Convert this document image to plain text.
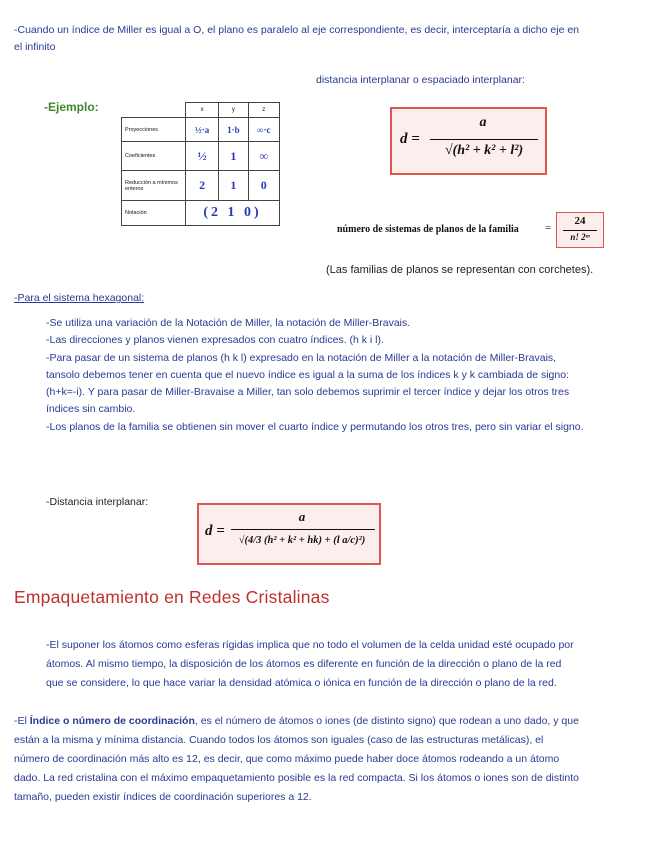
-Cuando un índice de Miller es igual a O, el plano es paralelo al eje correspondiente, es decir, interceptaría a dicho eje en
el infinito
distancia interplanar o espaciado interplanar:
-Ejemplo:
		x	y	z
Proyecciones	½·a	1·b	∞·c
Coeficientes	½	1	∞
Reducción a mínimos enteros	2	1	0
Notación	(2 1 0)		
d =
a
√(h² + k² + l²)
número de sistemas de planos de la familia =
24
n! 2ᵐ
(Las familias de planos se representan con corchetes).
-Para el sistema hexagonal:
-Se utiliza una variación de la Notación de Miller, la notación de Miller-Bravais.
-Las direcciones y planos vienen expresados con cuatro índices. (h k i l).
-Para pasar de un sistema de planos (h k l) expresado en la notación de Miller a la notación de Miller-Bravais,
tansolo debemos tener en cuenta que el nuevo índice es igual a la suma de los índices k y k cambiada de signo:
(h+k=-i). Y para pasar de Miller-Bravaise a Miller, tan solo debemos suprimir el tercer índice y dejar los otros tres
índices sin cambio.
-Los planos de la familia se obtienen sin mover el cuarto índice y permutando los otros tres, pero sin variar el signo.
-Distancia interplanar:
d =
a
√(4/3 (h² + k² + hk) + (l a/c)²)
Empaquetamiento en Redes Cristalinas
-El suponer los átomos como esferas rígidas implica que no todo el volumen de la celda unidad esté ocupado por
átomos. Al mismo tiempo, la disposición de los átomos es diferente en función de la dirección o plano de la red
que se considere, lo que hace variar la densidad atómica o iónica en función de la dirección o plano de la red.
-El Índice o número de coordinación, es el número de átomos o iones (de distinto signo) que rodean a uno dado, y que
están a la misma y mínima distancia. Cuando todos los átomos son iguales (caso de las estructuras metálicas), el
número de coordinación más alto es 12, es decir, que como máximo puede haber doce átomos rodeando a un átomo
dado. La red cristalina con el máximo empaquetamiento posible es la red compacta. Si los átomos o iones son de distinto
tamaño, pueden existir índices de coordinación superiores a 12.
